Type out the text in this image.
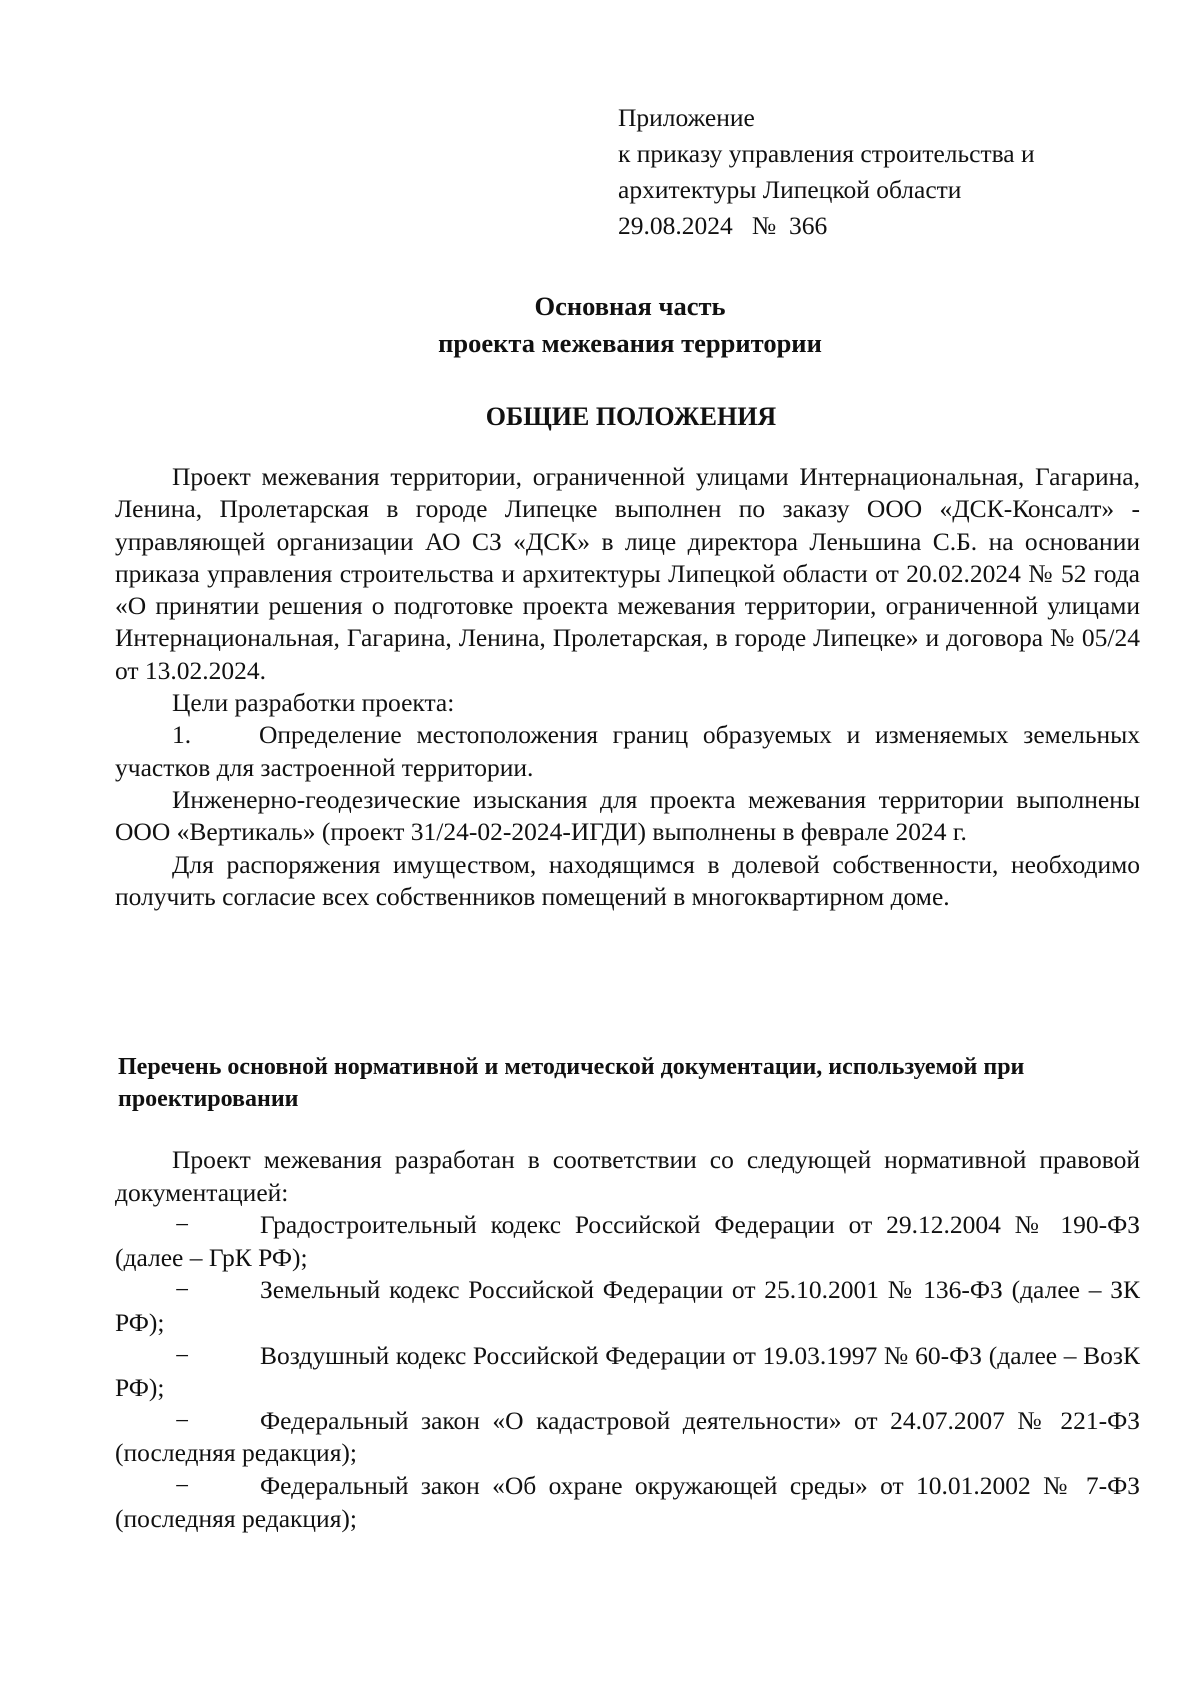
Приложение
к приказу управления строительства и
архитектуры Липецкой области
29.08.2024   №  366
Основная часть
проекта межевания территории
ОБЩИЕ ПОЛОЖЕНИЯ

Проект межевания территории, ограниченной улицами Интернациональная, Гагарина, Ленина, Пролетарская в городе Липецке выполнен по заказу ООО «ДСК-Консалт» - управляющей организации АО СЗ «ДСК» в лице директора Леньшина С.Б. на основании приказа управления строительства и архитектуры Липецкой области от 20.02.2024 № 52 года «О принятии решения о подготовке проекта межевания территории, ограниченной улицами Интернациональная, Гагарина, Ленина, Пролетарская, в городе Липецке» и договора № 05/24 от 13.02.2024.

Цели разработки проекта:

1.	Определение местоположения границ образуемых и изменяемых земельных участков для застроенной территории.

Инженерно-геодезические изыскания для проекта межевания территории выполнены ООО «Вертикаль» (проект 31/24-02-2024-ИГДИ) выполнены в феврале 2024 г.

Для распоряжения имуществом, находящимся в долевой собственности, необходимо получить согласие всех собственников помещений в многоквартирном доме.

Перечень основной нормативной и методической документации, используемой при проектировании

Проект межевания разработан в соответствии со следующей нормативной правовой документацией:

−	Градостроительный кодекс Российской Федерации от 29.12.2004 № 190-ФЗ (далее – ГрК РФ);

−	Земельный кодекс Российской Федерации от 25.10.2001 № 136-ФЗ (далее – ЗК РФ);

−	Воздушный кодекс Российской Федерации от 19.03.1997 № 60-ФЗ (далее – ВозК РФ);

−	Федеральный закон «О кадастровой деятельности» от 24.07.2007 № 221-ФЗ (последняя редакция);

−	Федеральный закон «Об охране окружающей среды» от 10.01.2002 № 7-ФЗ (последняя редакция);
